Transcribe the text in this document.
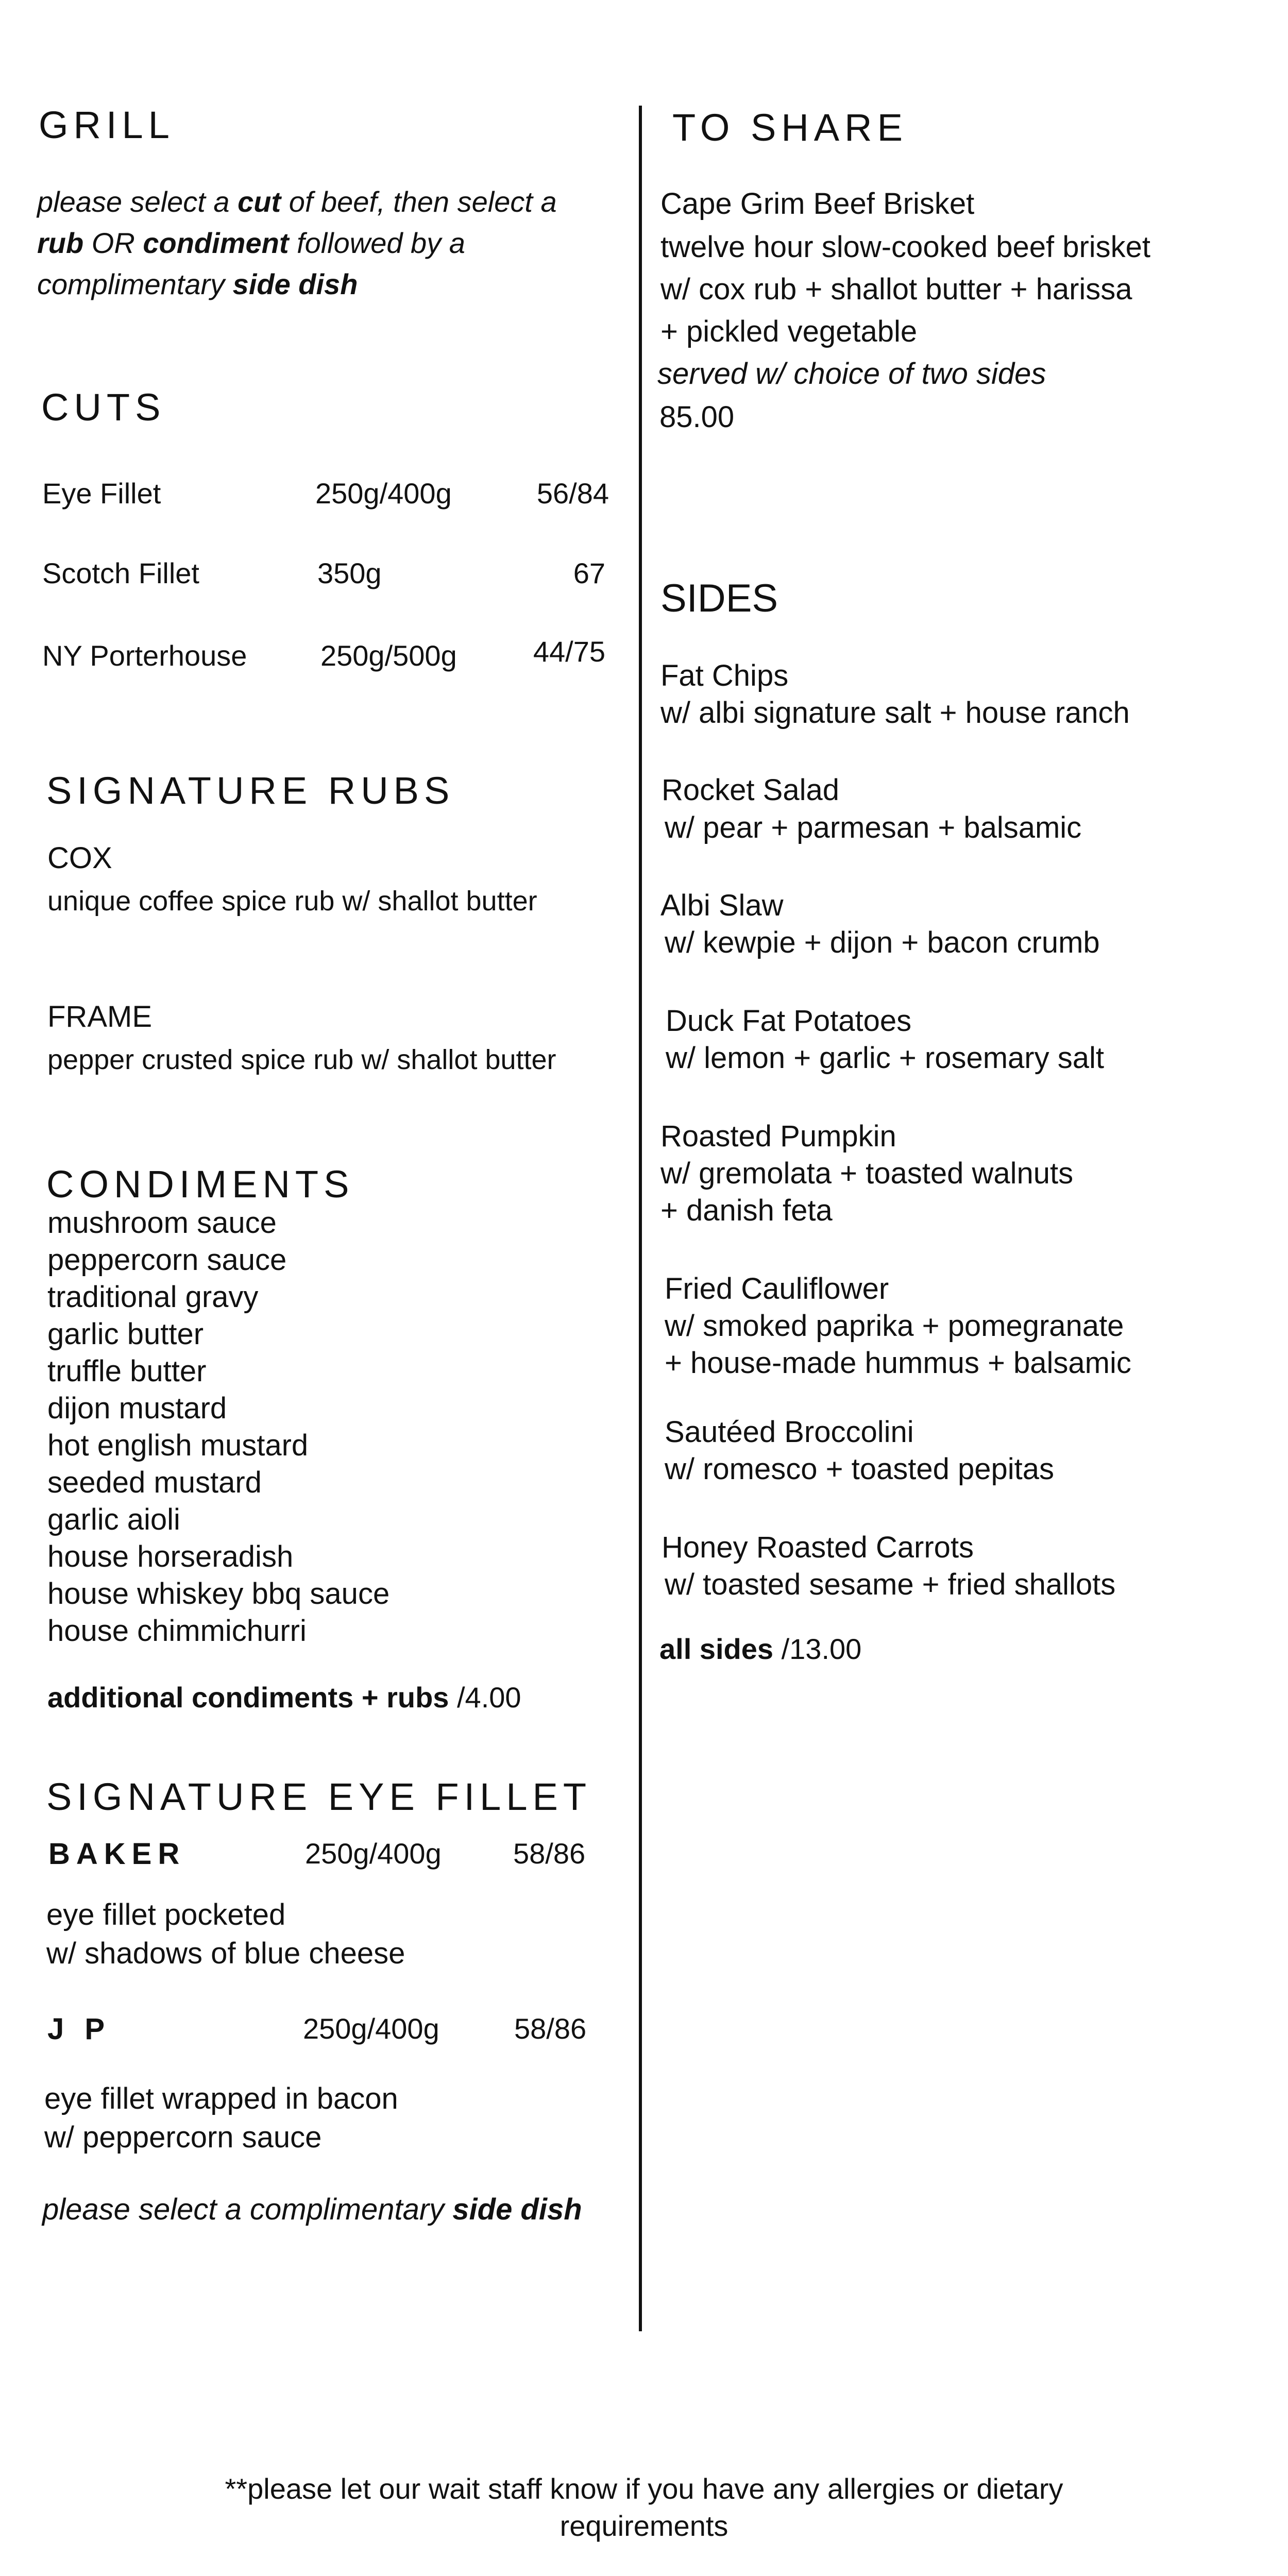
GRILL
please select a cut of beef, then select a rub OR condiment followed by a complimentary side dish
CUTS
Eye Fillet	250g/400g	56/84
Scotch Fillet	350g	67
NY Porterhouse	250g/500g	44/75
SIGNATURE RUBS
COX
unique coffee spice rub w/ shallot butter
FRAME
pepper crusted spice rub w/ shallot butter
CONDIMENTS
mushroom sauce
peppercorn sauce
traditional gravy
garlic butter
truffle butter
dijon mustard
hot english mustard
seeded mustard
garlic aioli
house horseradish
house whiskey bbq sauce
house chimmichurri
additional condiments + rubs /4.00
SIGNATURE EYE FILLET
BAKER	250g/400g 58/86
eye fillet pocketed
w/ shadows of blue cheese
J P	250g/400g	58/86
eye fillet wrapped in bacon
w/ peppercorn sauce
please select a complimentary side dish
TO SHARE
Cape Grim Beef Brisket
twelve hour slow-cooked beef brisket
w/ cox rub + shallot butter + harissa
+ pickled vegetable
served w/ choice of two sides
85.00
SIDES
Fat Chips
w/ albi signature salt + house ranch
Rocket Salad
w/ pear + parmesan + balsamic
Albi Slaw
w/ kewpie + dijon + bacon crumb
Duck Fat Potatoes
w/ lemon + garlic + rosemary salt
Roasted Pumpkin
w/ gremolata + toasted walnuts
+ danish feta
Fried Cauliflower
w/ smoked paprika + pomegranate
+ house-made hummus + balsamic
Sautéed Broccolini
w/ romesco + toasted pepitas
Honey Roasted Carrots
w/ toasted sesame + fried shallots
all sides /13.00
**please let our wait staff know if you have any allergies or dietary
requirements
